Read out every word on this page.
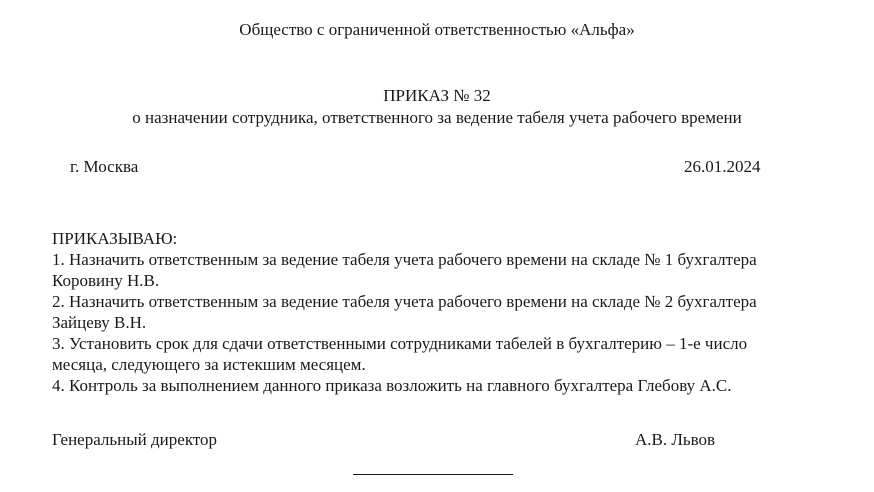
Общество с ограниченной ответственностью «Альфа»
ПРИКАЗ № 32
о назначении сотрудника, ответственного за ведение табеля учета рабочего времени
г. Москва	26.01.2024
ПРИКАЗЫВАЮ:
1. Назначить ответственным за ведение табеля учета рабочего времени на складе № 1 бухгалтера
Коровину Н.В.
2. Назначить ответственным за ведение табеля учета рабочего времени на складе № 2 бухгалтера
Зайцеву В.Н.
3. Установить срок для сдачи ответственными сотрудниками табелей в бухгалтерию – 1-е число
месяца, следующего за истекшим месяцем.
4. Контроль за выполнением данного приказа возложить на главного бухгалтера Глебову А.С.
Генеральный директор	А.В. Львов
